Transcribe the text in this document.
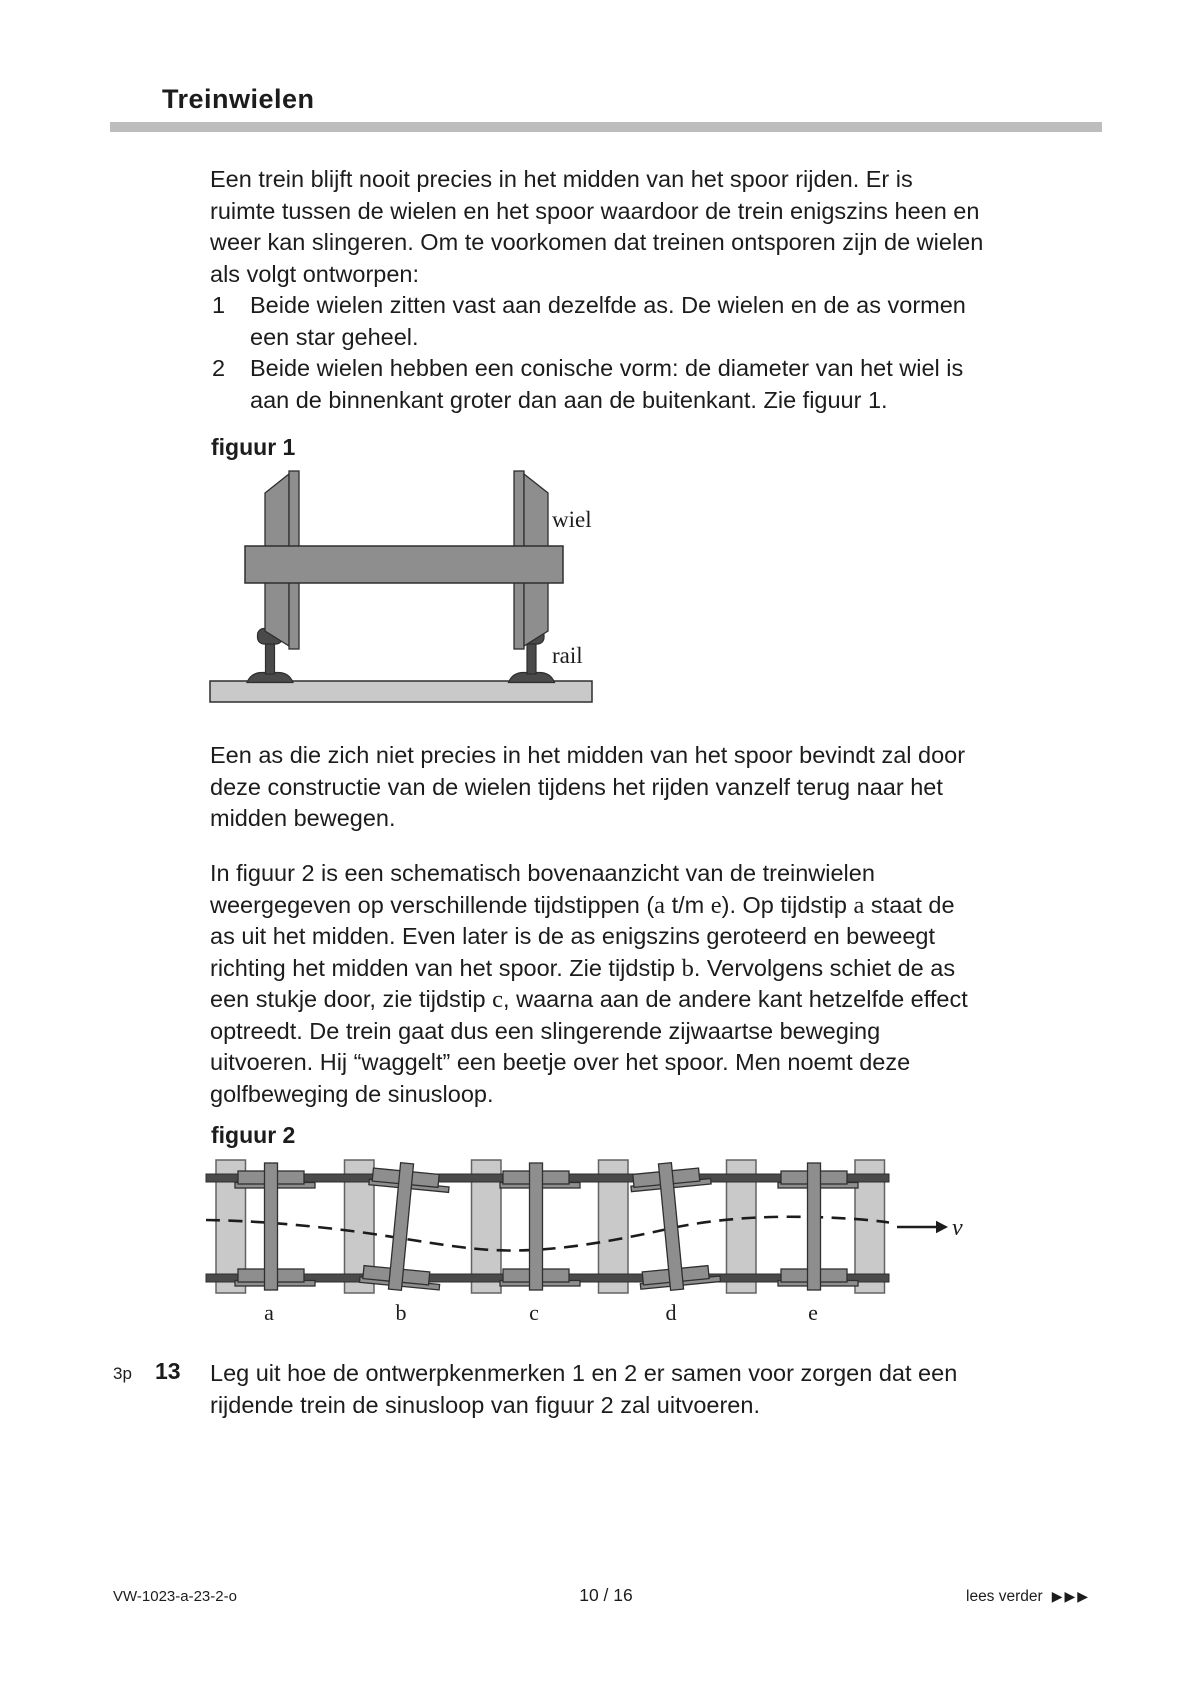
Treinwielen
Een trein blijft nooit precies in het midden van het spoor rijden. Er is
ruimte tussen de wielen en het spoor waardoor de trein enigszins heen en
weer kan slingeren. Om te voorkomen dat treinen ontsporen zijn de wielen
als volgt ontworpen:
1 Beide wielen zitten vast aan dezelfde as. De wielen en de as vormen
een star geheel.
2 Beide wielen hebben een conische vorm: de diameter van het wiel is
aan de binnenkant groter dan aan de buitenkant. Zie figuur 1.
figuur 1
wiel
rail
Een as die zich niet precies in het midden van het spoor bevindt zal door
deze constructie van de wielen tijdens het rijden vanzelf terug naar het
midden bewegen.
In figuur 2 is een schematisch bovenaanzicht van de treinwielen
weergegeven op verschillende tijdstippen (a t/m e). Op tijdstip a staat de
as uit het midden. Even later is de as enigszins geroteerd en beweegt
richting het midden van het spoor. Zie tijdstip b. Vervolgens schiet de as
een stukje door, zie tijdstip c, waarna aan de andere kant hetzelfde effect
optreedt. De trein gaat dus een slingerende zijwaartse beweging
uitvoeren. Hij “waggelt” een beetje over het spoor. Men noemt deze
golfbeweging de sinusloop.
figuur 2
v
a	b	c	d	e
3p 13 Leg uit hoe de ontwerpkenmerken 1 en 2 er samen voor zorgen dat een
rijdende trein de sinusloop van figuur 2 zal uitvoeren.
VW-1023-a-23-2-o	10 / 16	lees verder ▶▶▶
